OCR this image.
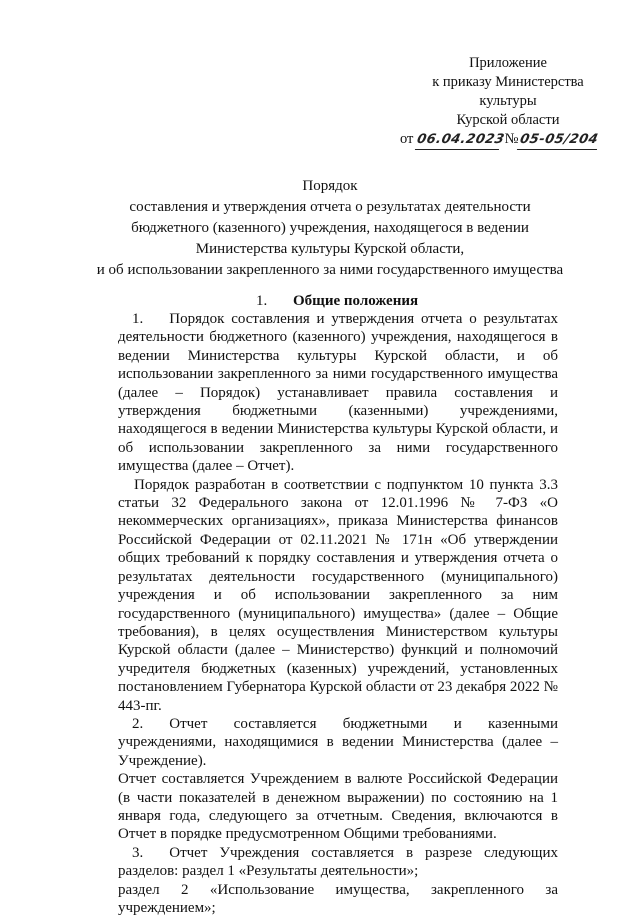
Приложение
к приказу Министерства
культуры
Курской области
от 06.04.2023 №05-05/204
Порядок
составления и утверждения отчета о результатах деятельности
бюджетного (казенного) учреждения, находящегося в ведении
Министерства культуры Курской области,
и об использовании закрепленного за ними государственного имущества
1. Общие положения

1. Порядок составления и утверждения отчета о результатах деятельности бюджетного (казенного) учреждения, находящегося в ведении Министерства культуры Курской области, и об использовании закрепленного за ними государственного имущества (далее – Порядок) устанавливает правила составления и утверждения бюджетными (казенными) учреждениями, находящегося в ведении Министерства культуры Курской области, и об использовании закрепленного за ними государственного имущества (далее – Отчет).

Порядок разработан в соответствии с подпунктом 10 пункта 3.3 статьи 32 Федерального закона от 12.01.1996 № 7-ФЗ «О некоммерческих организациях», приказа Министерства финансов Российской Федерации от 02.11.2021 № 171н «Об утверждении общих требований к порядку составления и утверждения отчета о результатах деятельности государственного (муниципального) учреждения и об использовании закрепленного за ним государственного (муниципального) имущества» (далее – Общие требования), в целях осуществления Министерством культуры Курской области (далее – Министерство) функций и полномочий учредителя бюджетных (казенных) учреждений, установленных постановлением Губернатора Курской области от 23 декабря 2022 № 443-пг.

2. Отчет составляется бюджетными и казенными учреждениями, находящимися в ведении Министерства (далее – Учреждение).

Отчет составляется Учреждением в валюте Российской Федерации (в части показателей в денежном выражении) по состоянию на 1 января года, следующего за отчетным. Сведения, включаются в Отчет в порядке предусмотренном Общими требованиями.

3. Отчет Учреждения составляется в разрезе следующих разделов: раздел 1 «Результаты деятельности»;

раздел 2 «Использование имущества, закрепленного за учреждением»;
